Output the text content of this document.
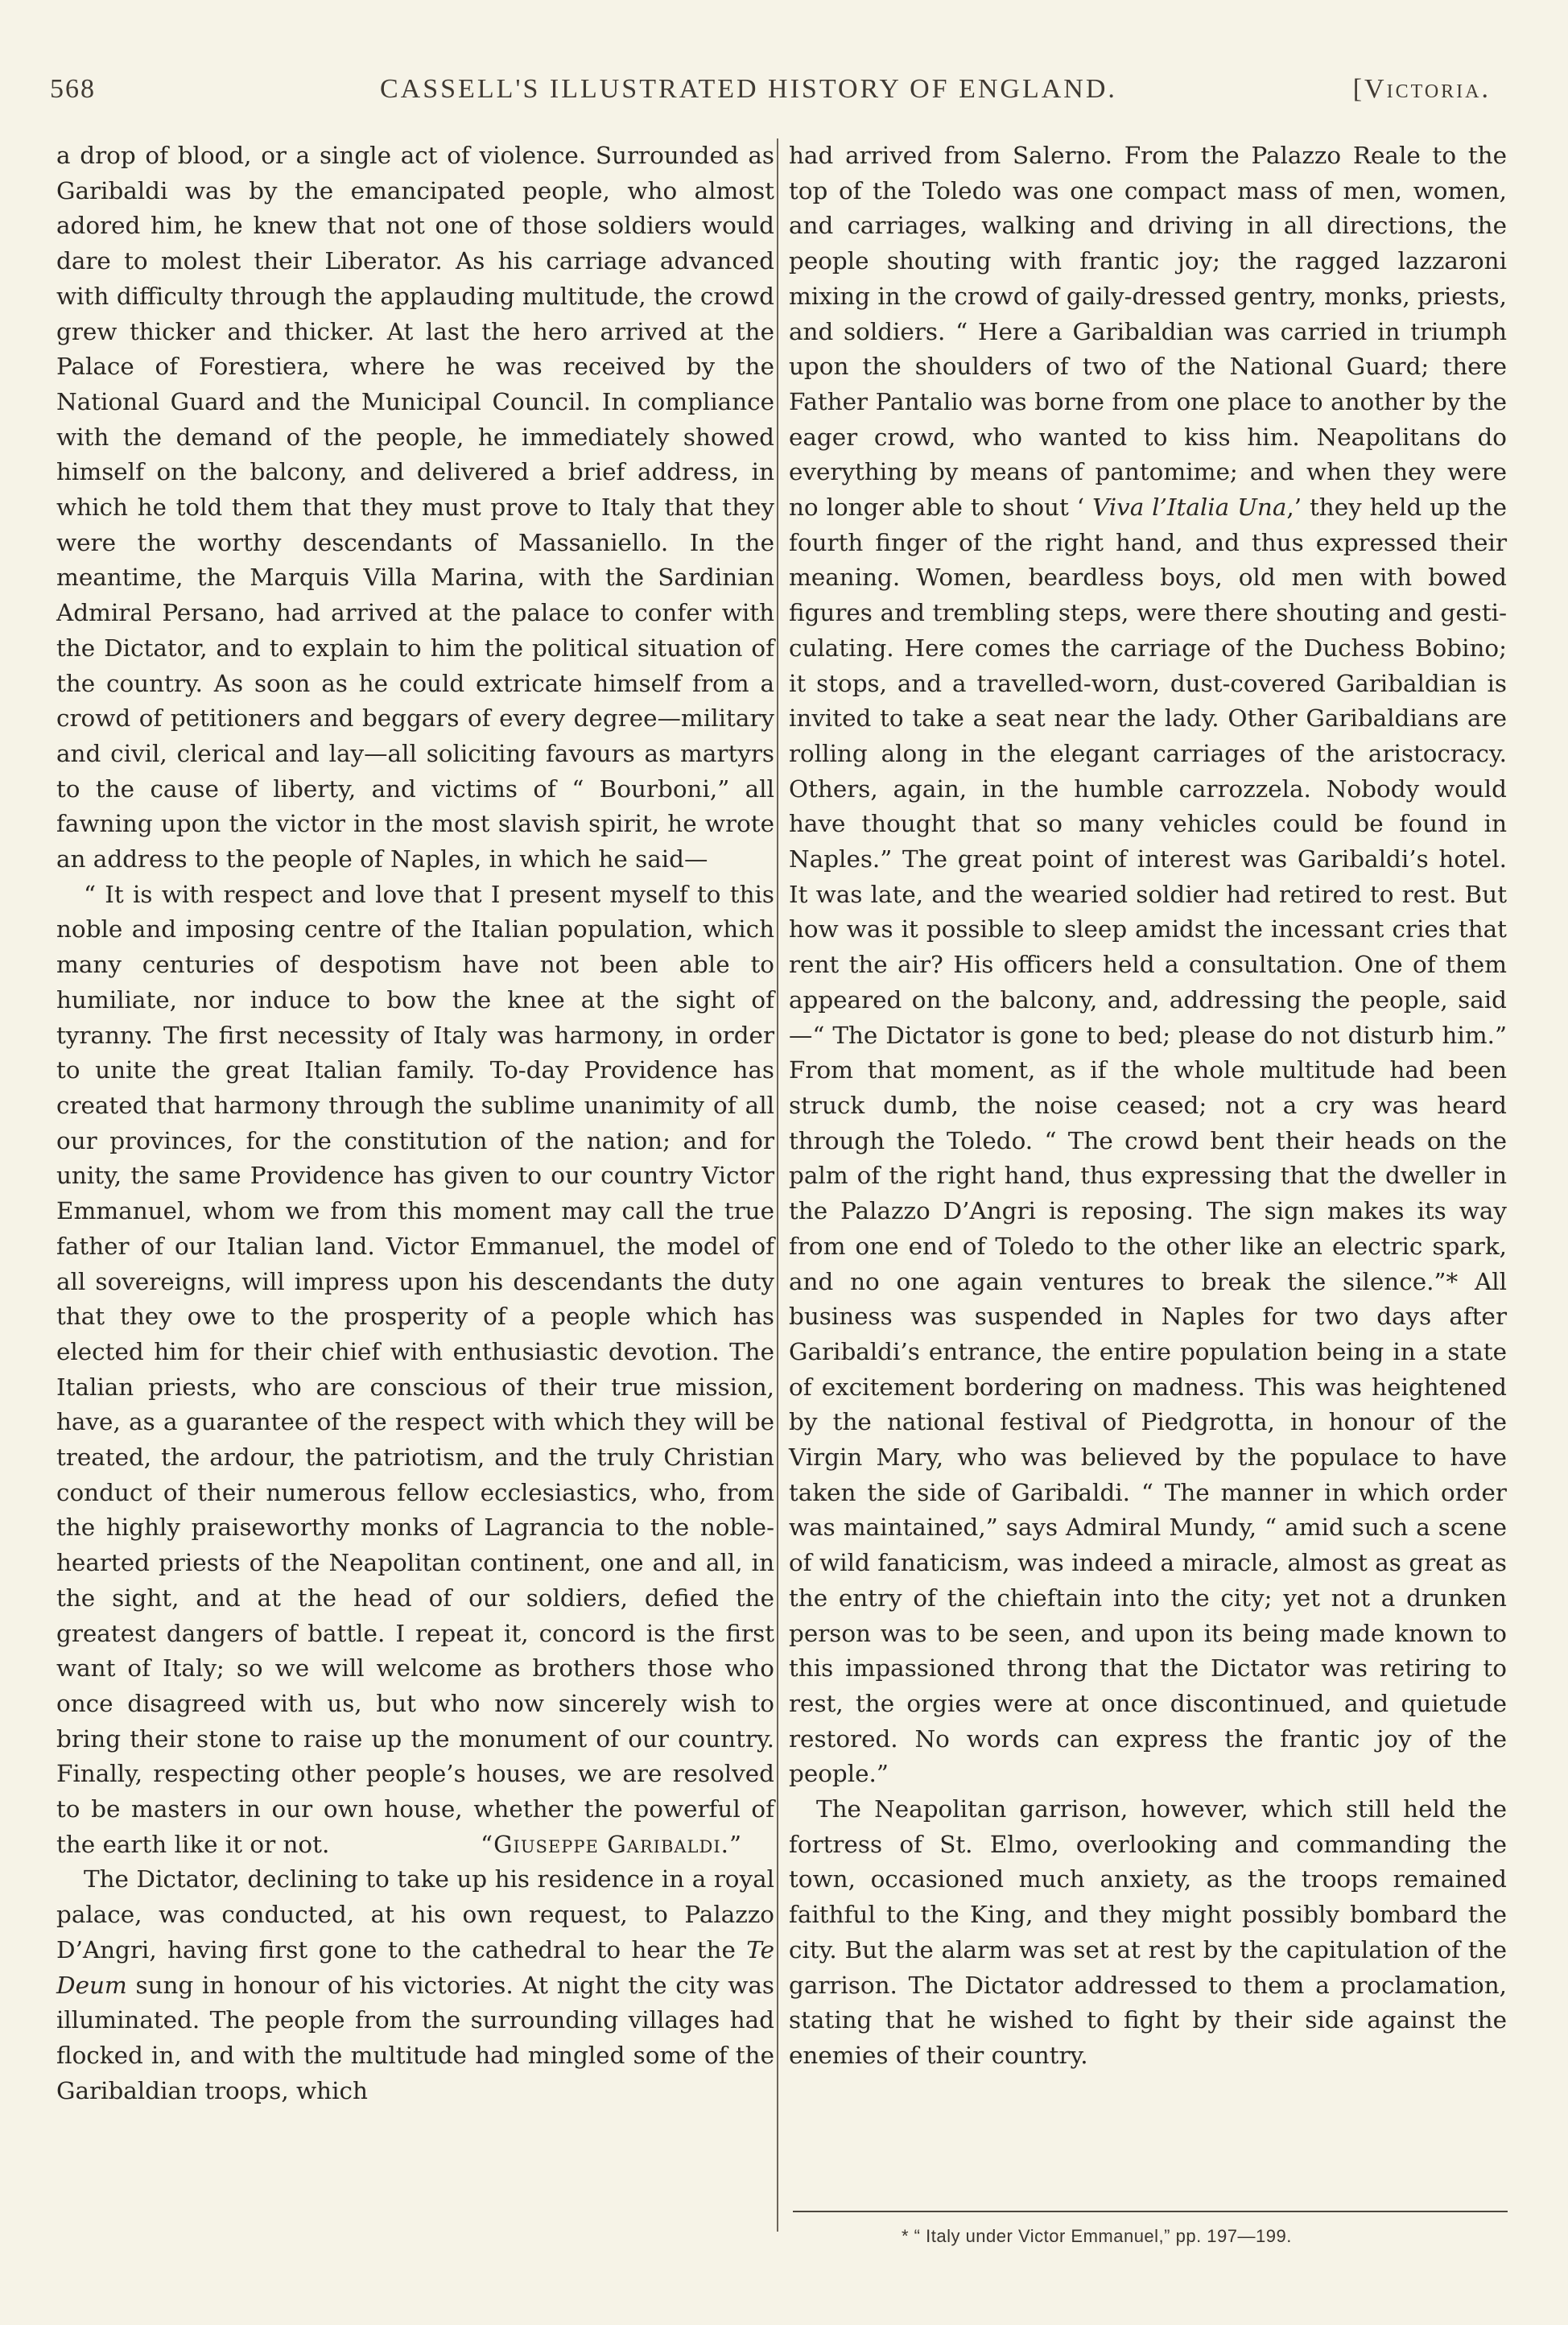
568	CASSELL'S ILLUSTRATED HISTORY OF ENGLAND.	[Victoria.

a drop of blood, or a single act of violence. Surrounded as Garibaldi was by the emancipated people, who almost adored him, he knew that not one of those soldiers would dare to molest their Liberator. As his carriage advanced with difficulty through the applauding multitude, the crowd grew thicker and thicker. At last the hero arrived at the Palace of Forestiera, where he was received by the National Guard and the Municipal Council. In compliance with the demand of the people, he immediately showed himself on the balcony, and delivered a brief address, in which he told them that they must prove to Italy that they were the worthy descendants of Massaniello. In the meantime, the Marquis Villa Marina, with the Sardinian Admiral Persano, had arrived at the palace to confer with the Dictator, and to explain to him the political situation of the country. As soon as he could extricate himself from a crowd of petitioners and beggars of every degree—military and civil, clerical and lay—all soliciting favours as martyrs to the cause of liberty, and victims of “ Bourboni,” all fawning upon the victor in the most slavish spirit, he wrote an address to the people of Naples, in which he said—

“ It is with respect and love that I present myself to this noble and imposing centre of the Italian population, which many centuries of despotism have not been able to humiliate, nor induce to bow the knee at the sight of tyranny. The first necessity of Italy was harmony, in order to unite the great Italian family. To-day Providence has created that harmony through the sublime unanimity of all our provinces, for the constitution of the nation; and for unity, the same Providence has given to our country Victor Emmanuel, whom we from this moment may call the true father of our Italian land. Victor Emmanuel, the model of all sovereigns, will impress upon his descendants the duty that they owe to the prosperity of a people which has elected him for their chief with enthusiastic devotion. The Italian priests, who are conscious of their true mission, have, as a guarantee of the respect with which they will be treated, the ardour, the patriotism, and the truly Christian conduct of their numerous fellow ecclesiastics, who, from the highly praiseworthy monks of Lagrancia to the noble-hearted priests of the Neapolitan continent, one and all, in the sight, and at the head of our soldiers, defied the greatest dangers of battle. I repeat it, concord is the first want of Italy; so we will welcome as brothers those who once disagreed with us, but who now sincerely wish to bring their stone to raise up the monument of our country. Finally, respecting other people’s houses, we are resolved to be masters in our own house, whether the powerful of the earth like it or not.	“Giuseppe Garibaldi.”

The Dictator, declining to take up his residence in a royal palace, was conducted, at his own request, to Palazzo D’Angri, having first gone to the cathedral to hear the Te Deum sung in honour of his victories. At night the city was illuminated. The people from the surrounding villages had flocked in, and with the multitude had mingled some of the Garibaldian troops, which

had arrived from Salerno. From the Palazzo Reale to the top of the Toledo was one compact mass of men, women, and carriages, walking and driving in all directions, the people shouting with frantic joy; the ragged lazzaroni mixing in the crowd of gaily-dressed gentry, monks, priests, and soldiers. “ Here a Garibaldian was carried in triumph upon the shoulders of two of the National Guard; there Father Pantalio was borne from one place to another by the eager crowd, who wanted to kiss him. Neapolitans do everything by means of pantomime; and when they were no longer able to shout ‘ Viva l’Italia Una,’ they held up the fourth finger of the right hand, and thus expressed their meaning. Women, beardless boys, old men with bowed figures and trembling steps, were there shouting and gesticulating. Here comes the carriage of the Duchess Bobino; it stops, and a travelled-worn, dust-covered Garibaldian is invited to take a seat near the lady. Other Garibaldians are rolling along in the elegant carriages of the aristocracy. Others, again, in the humble carrozzela. Nobody would have thought that so many vehicles could be found in Naples.” The great point of interest was Garibaldi’s hotel. It was late, and the wearied soldier had retired to rest. But how was it possible to sleep amidst the incessant cries that rent the air? His officers held a consultation. One of them appeared on the balcony, and, addressing the people, said—“ The Dictator is gone to bed; please do not disturb him.” From that moment, as if the whole multitude had been struck dumb, the noise ceased; not a cry was heard through the Toledo. “ The crowd bent their heads on the palm of the right hand, thus expressing that the dweller in the Palazzo D’Angri is reposing. The sign makes its way from one end of Toledo to the other like an electric spark, and no one again ventures to break the silence.”* All business was suspended in Naples for two days after Garibaldi’s entrance, the entire population being in a state of excitement bordering on madness. This was heightened by the national festival of Piedgrotta, in honour of the Virgin Mary, who was believed by the populace to have taken the side of Garibaldi. “ The manner in which order was maintained,” says Admiral Mundy, “ amid such a scene of wild fanaticism, was indeed a miracle, almost as great as the entry of the chieftain into the city; yet not a drunken person was to be seen, and upon its being made known to this impassioned throng that the Dictator was retiring to rest, the orgies were at once discontinued, and quietude restored. No words can express the frantic joy of the people.”

The Neapolitan garrison, however, which still held the fortress of St. Elmo, overlooking and commanding the town, occasioned much anxiety, as the troops remained faithful to the King, and they might possibly bombard the city. But the alarm was set at rest by the capitulation of the garrison. The Dictator addressed to them a proclamation, stating that he wished to fight by their side against the enemies of their country.

* “ Italy under Victor Emmanuel,” pp. 197—199.
